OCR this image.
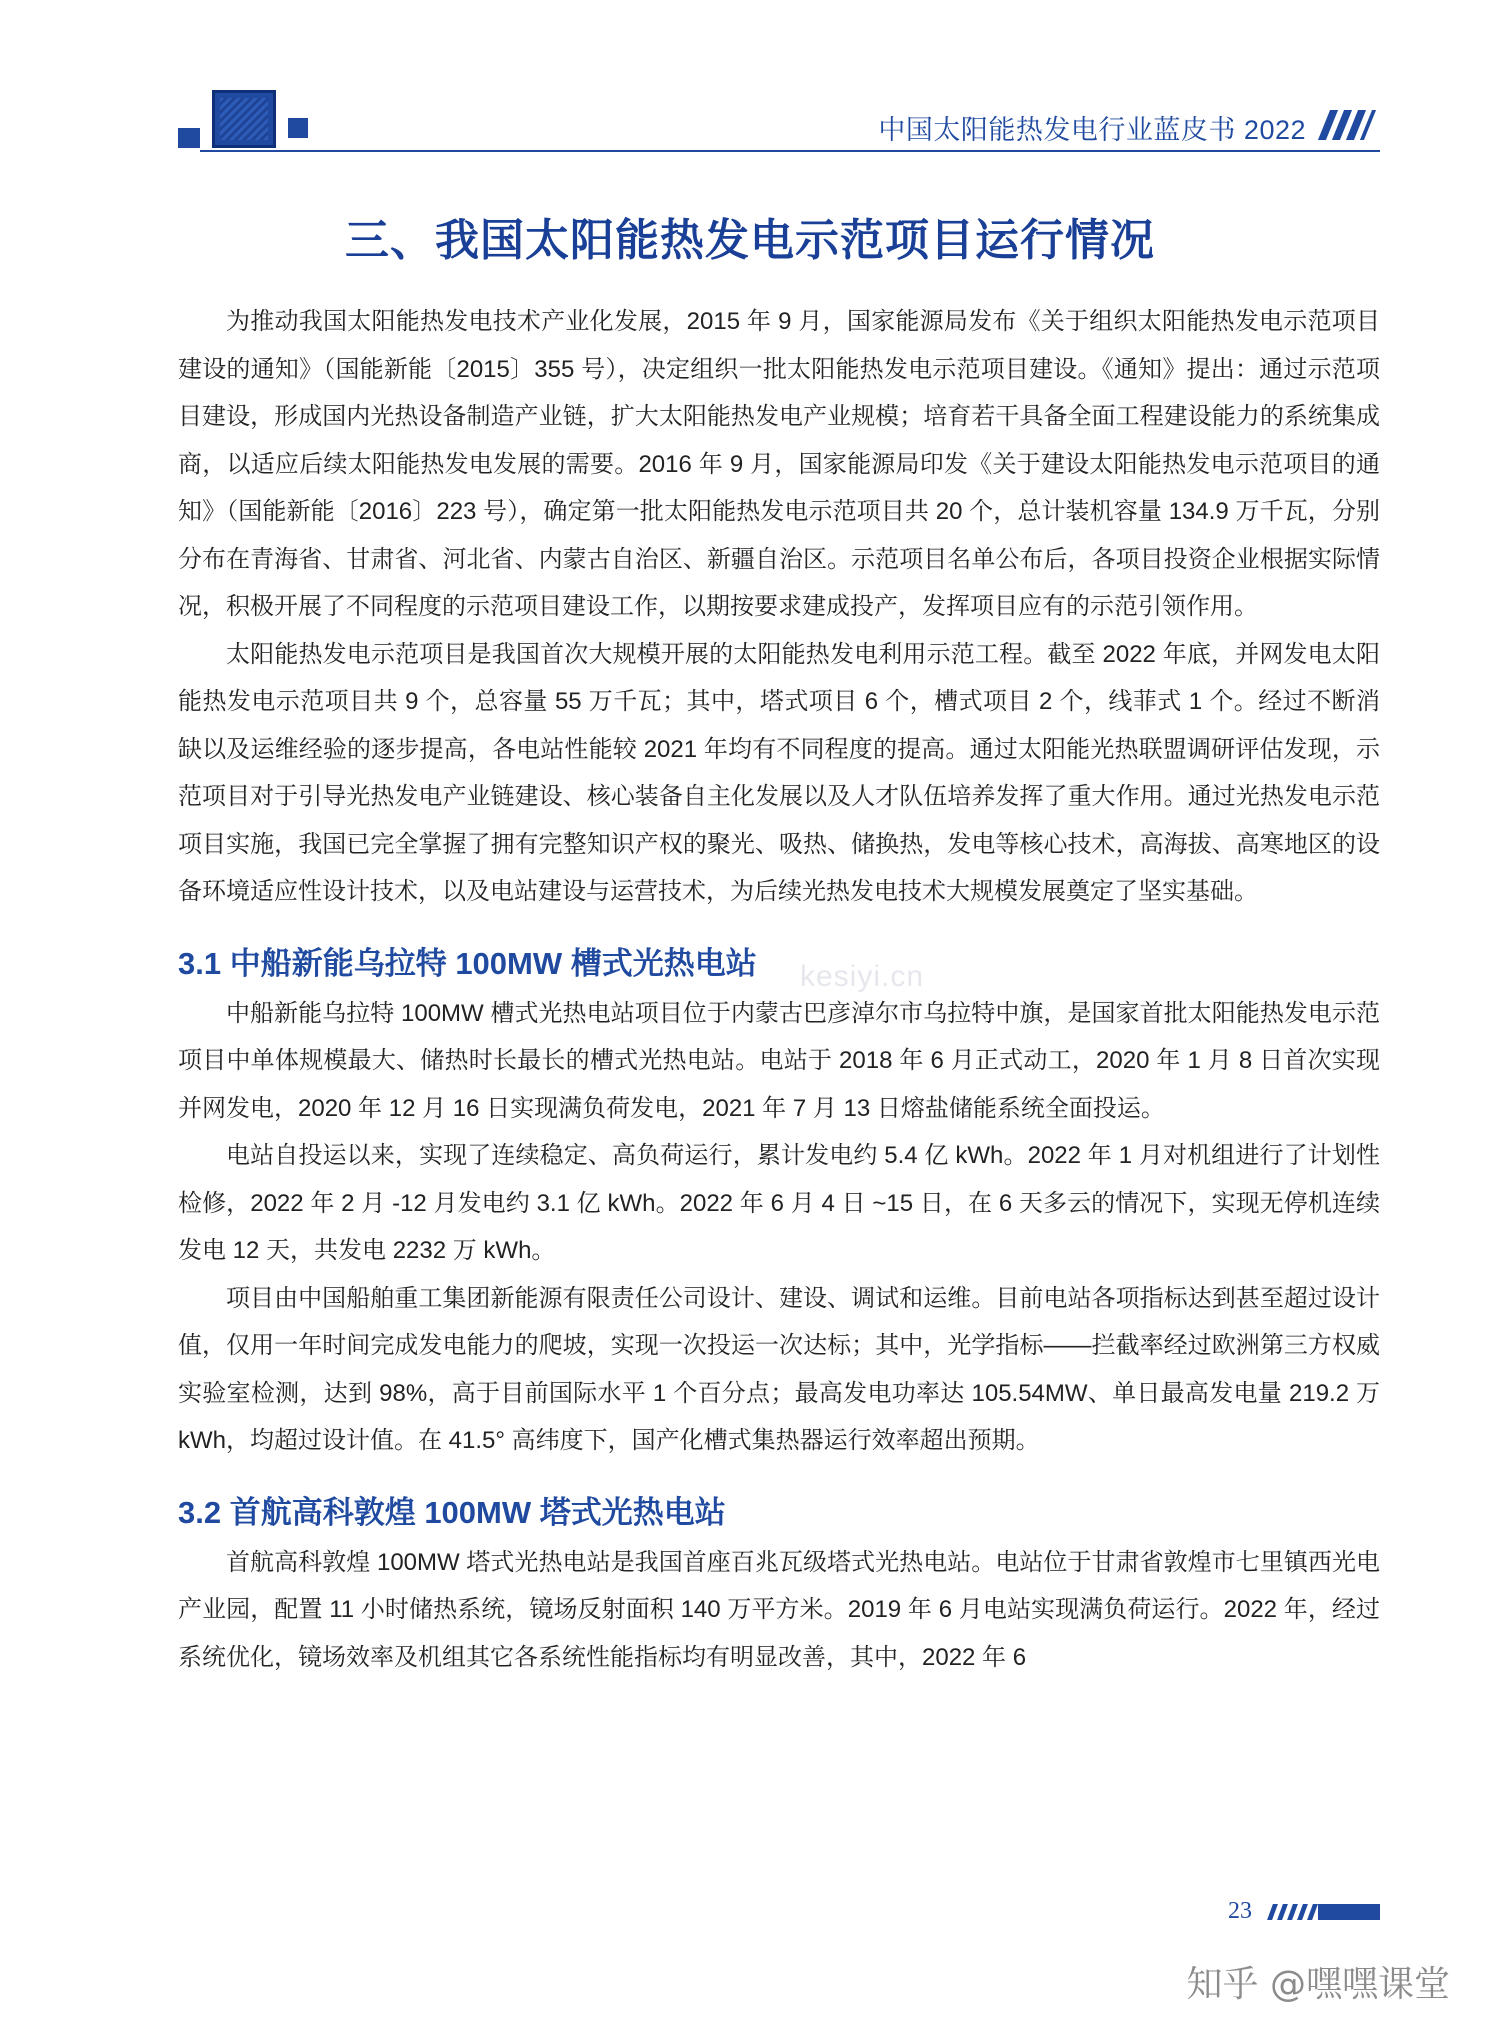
中国太阳能热发电行业蓝皮书 2022
三、我国太阳能热发电示范项目运行情况

为推动我国太阳能热发电技术产业化发展，2015 年 9 月，国家能源局发布《关于组织太阳能热发电示范项目建设的通知》（国能新能〔2015〕355 号），决定组织一批太阳能热发电示范项目建设。《通知》提出：通过示范项目建设，形成国内光热设备制造产业链，扩大太阳能热发电产业规模；培育若干具备全面工程建设能力的系统集成商，以适应后续太阳能热发电发展的需要。2016 年 9 月，国家能源局印发《关于建设太阳能热发电示范项目的通知》（国能新能〔2016〕223 号），确定第一批太阳能热发电示范项目共 20 个，总计装机容量 134.9 万千瓦，分别分布在青海省、甘肃省、河北省、内蒙古自治区、新疆自治区。示范项目名单公布后，各项目投资企业根据实际情况，积极开展了不同程度的示范项目建设工作，以期按要求建成投产，发挥项目应有的示范引领作用。

太阳能热发电示范项目是我国首次大规模开展的太阳能热发电利用示范工程。截至 2022 年底，并网发电太阳能热发电示范项目共 9 个，总容量 55 万千瓦；其中，塔式项目 6 个，槽式项目 2 个，线菲式 1 个。经过不断消缺以及运维经验的逐步提高，各电站性能较 2021 年均有不同程度的提高。通过太阳能光热联盟调研评估发现，示范项目对于引导光热发电产业链建设、核心装备自主化发展以及人才队伍培养发挥了重大作用。通过光热发电示范项目实施，我国已完全掌握了拥有完整知识产权的聚光、吸热、储换热，发电等核心技术，高海拔、高寒地区的设备环境适应性设计技术，以及电站建设与运营技术，为后续光热发电技术大规模发展奠定了坚实基础。

3.1 中船新能乌拉特 100MW 槽式光热电站

中船新能乌拉特 100MW 槽式光热电站项目位于内蒙古巴彦淖尔市乌拉特中旗，是国家首批太阳能热发电示范项目中单体规模最大、储热时长最长的槽式光热电站。电站于 2018 年 6 月正式动工，2020 年 1 月 8 日首次实现并网发电，2020 年 12 月 16 日实现满负荷发电，2021 年 7 月 13 日熔盐储能系统全面投运。

电站自投运以来，实现了连续稳定、高负荷运行，累计发电约 5.4 亿 kWh。2022 年 1 月对机组进行了计划性检修，2022 年 2 月 -12 月发电约 3.1 亿 kWh。2022 年 6 月 4 日 ~15 日，在 6 天多云的情况下，实现无停机连续发电 12 天，共发电 2232 万 kWh。

项目由中国船舶重工集团新能源有限责任公司设计、建设、调试和运维。目前电站各项指标达到甚至超过设计值，仅用一年时间完成发电能力的爬坡，实现一次投运一次达标；其中，光学指标——拦截率经过欧洲第三方权威实验室检测，达到 98%，高于目前国际水平 1 个百分点；最高发电功率达 105.54MW、单日最高发电量 219.2 万 kWh，均超过设计值。在 41.5° 高纬度下，国产化槽式集热器运行效率超出预期。

3.2 首航高科敦煌 100MW 塔式光热电站

首航高科敦煌 100MW 塔式光热电站是我国首座百兆瓦级塔式光热电站。电站位于甘肃省敦煌市七里镇西光电产业园，配置 11 小时储热系统，镜场反射面积 140 万平方米。2019 年 6 月电站实现满负荷运行。2022 年，经过系统优化，镜场效率及机组其它各系统性能指标均有明显改善，其中，2022 年 6

kesiyi.cn
23
知乎 @嘿嘿课堂
